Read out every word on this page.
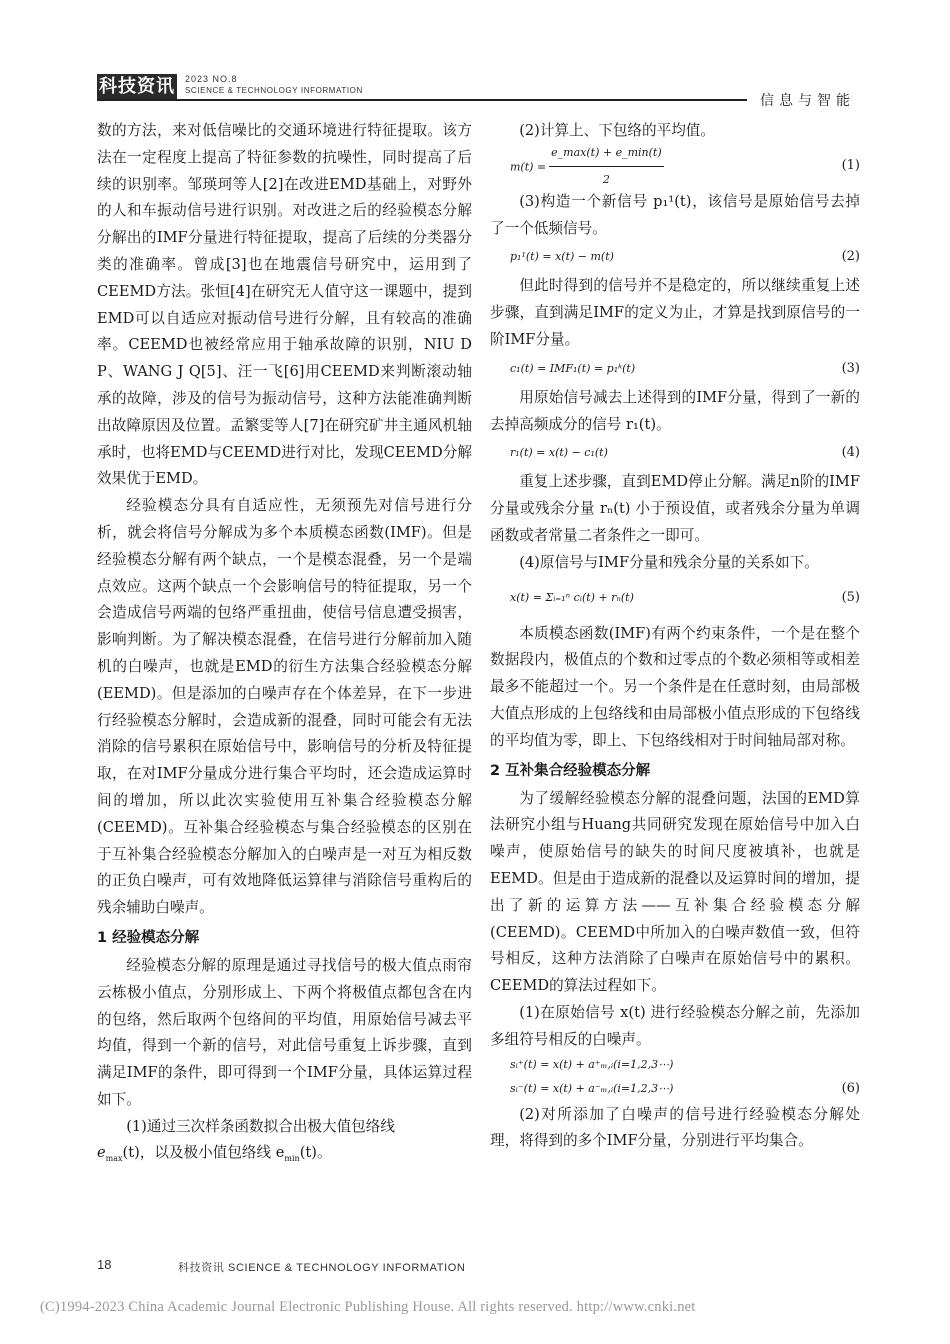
科技资讯 2023 NO.8
SCIENCE & TECHNOLOGY INFORMATION
信息与智能

数的方法，来对低信噪比的交通环境进行特征提取。该方法在一定程度上提高了特征参数的抗噪性，同时提高了后续的识别率。邹瑛珂等人[2]在改进EMD基础上，对野外的人和车振动信号进行识别。对改进之后的经验模态分解分解出的IMF分量进行特征提取，提高了后续的分类器分类的准确率。曾成[3]也在地震信号研究中，运用到了CEEMD方法。张恒[4]在研究无人值守这一课题中，提到EMD可以自适应对振动信号进行分解，且有较高的准确率。CEEMD也被经常应用于轴承故障的识别，NIU D P、WANG J Q[5]、汪一飞[6]用CEEMD来判断滚动轴承的故障，涉及的信号为振动信号，这种方法能准确判断出故障原因及位置。孟繁雯等人[7]在研究矿井主通风机轴承时，也将EMD与CEEMD进行对比，发现CEEMD分解效果优于EMD。

经验模态分具有自适应性，无须预先对信号进行分析，就会将信号分解成为多个本质模态函数(IMF)。但是经验模态分解有两个缺点，一个是模态混叠，另一个是端点效应。这两个缺点一个会影响信号的特征提取，另一个会造成信号两端的包络严重扭曲，使信号信息遭受损害，影响判断。为了解决模态混叠，在信号进行分解前加入随机的白噪声，也就是EMD的衍生方法集合经验模态分解(EEMD)。但是添加的白噪声存在个体差异，在下一步进行经验模态分解时，会造成新的混叠，同时可能会有无法消除的信号累积在原始信号中，影响信号的分析及特征提取，在对IMF分量成分进行集合平均时，还会造成运算时间的增加，所以此次实验使用互补集合经验模态分解(CEEMD)。互补集合经验模态与集合经验模态的区别在于互补集合经验模态分解加入的白噪声是一对互为相反数的正负白噪声，可有效地降低运算律与消除信号重构后的残余辅助白噪声。

1 经验模态分解

经验模态分解的原理是通过寻找信号的极大值点雨帘云栋极小值点，分别形成上、下两个将极值点都包含在内的包络，然后取两个包络间的平均值，用原始信号减去平均值，得到一个新的信号，对此信号重复上诉步骤，直到满足IMF的条件，即可得到一个IMF分量，具体运算过程如下。

(1)通过三次样条函数拟合出极大值包络线

$e_{max}(t)$，以及极小值包络线 $e_{min}(t)$。

(2)计算上、下包络的平均值。

$m(t) = \frac{e\_\max(t) + e\_\min(t)}{2}$	(1)

(3)构造一个新信号 p₁¹(t)，该信号是原始信号去掉了一个低频信号。

p₁¹(t) = x(t) − m(t)	(2)

但此时得到的信号并不是稳定的，所以继续重复上述步骤，直到满足IMF的定义为止，才算是找到原信号的一阶IMF分量。

c₁(t) = IMF₁(t) = p₁ᵏ(t)	(3)

用原始信号减去上述得到的IMF分量，得到了一新的去掉高频成分的信号 r₁(t)。

r₁(t) = x(t) − c₁(t)	(4)

重复上述步骤，直到EMD停止分解。满足n阶的IMF分量或残余分量 rₙ(t) 小于预设值，或者残余分量为单调函数或者常量二者条件之一即可。

(4)原信号与IMF分量和残余分量的关系如下。

x(t) = Σᵢ₌₁ⁿ cᵢ(t) + rₙ(t)	(5)

本质模态函数(IMF)有两个约束条件，一个是在整个数据段内，极值点的个数和过零点的个数必须相等或相差最多不能超过一个。另一个条件是在任意时刻，由局部极大值点形成的上包络线和由局部极小值点形成的下包络线的平均值为零，即上、下包络线相对于时间轴局部对称。

2 互补集合经验模态分解

为了缓解经验模态分解的混叠问题，法国的EMD算法研究小组与Huang共同研究发现在原始信号中加入白噪声，使原始信号的缺失的时间尺度被填补，也就是EEMD。但是由于造成新的混叠以及运算时间的增加，提出了新的运算方法——互补集合经验模态分解(CEEMD)。CEEMD中所加入的白噪声数值一致，但符号相反，这种方法消除了白噪声在原始信号中的累积。CEEMD的算法过程如下。

(1)在原始信号 x(t) 进行经验模态分解之前，先添加多组符号相反的白噪声。

sᵢ⁺(t) = x(t) + a⁺ₘ,ᵢ(i=1,2,3⋯)
sᵢ⁻(t) = x(t) + a⁻ₘ,ᵢ(i=1,2,3⋯)	(6)

(2)对所添加了白噪声的信号进行经验模态分解处理，将得到的多个IMF分量，分别进行平均集合。

18	科技资讯 SCIENCE & TECHNOLOGY INFORMATION
(C)1994-2023 China Academic Journal Electronic Publishing House. All rights reserved. http://www.cnki.net
